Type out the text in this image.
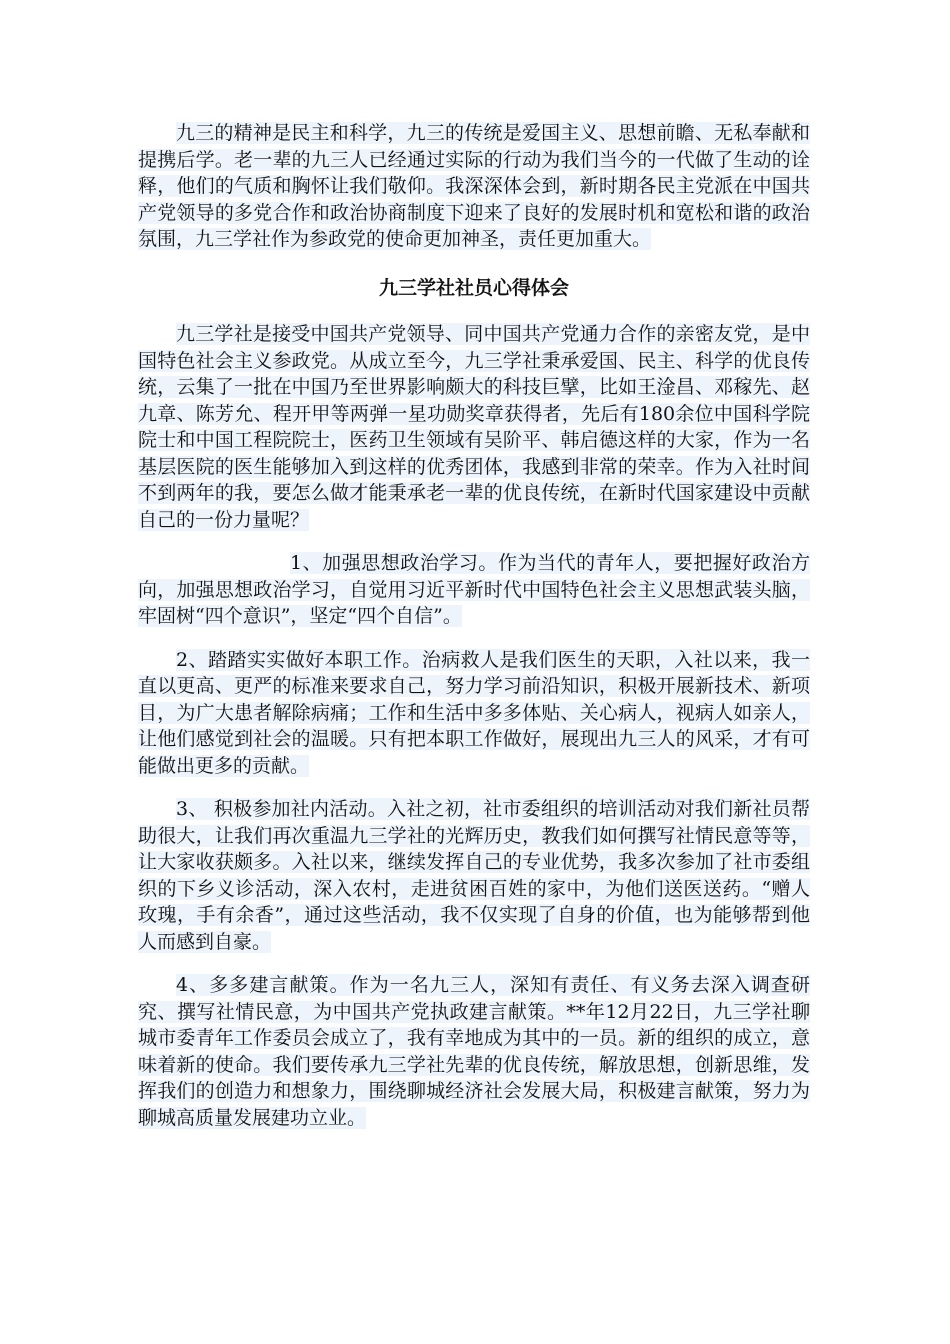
九三的精神是民主和科学，九三的传统是爱国主义、思想前瞻、无私奉献和提携后学。老一辈的九三人已经通过实际的行动为我们当今的一代做了生动的诠释，他们的气质和胸怀让我们敬仰。我深深体会到，新时期各民主党派在中国共产党领导的多党合作和政治协商制度下迎来了良好的发展时机和宽松和谐的政治氛围，九三学社作为参政党的使命更加神圣，责任更加重大。

九三学社社员心得体会

九三学社是接受中国共产党领导、同中国共产党通力合作的亲密友党，是中国特色社会主义参政党。从成立至今，九三学社秉承爱国、民主、科学的优良传统，云集了一批在中国乃至世界影响颇大的科技巨擘，比如王淦昌、邓稼先、赵九章、陈芳允、程开甲等两弹一星功勋奖章获得者，先后有180余位中国科学院院士和中国工程院院士，医药卫生领域有吴阶平、韩启德这样的大家，作为一名基层医院的医生能够加入到这样的优秀团体，我感到非常的荣幸。作为入社时间不到两年的我，要怎么做才能秉承老一辈的优良传统，在新时代国家建设中贡献自己的一份力量呢？

1、加强思想政治学习。作为当代的青年人，要把握好政治方向，加强思想政治学习，自觉用习近平新时代中国特色社会主义思想武装头脑，牢固树“四个意识”，坚定“四个自信”。

2、踏踏实实做好本职工作。治病救人是我们医生的天职，入社以来，我一直以更高、更严的标准来要求自己，努力学习前沿知识，积极开展新技术、新项目，为广大患者解除病痛；工作和生活中多多体贴、关心病人，视病人如亲人，让他们感觉到社会的温暖。只有把本职工作做好，展现出九三人的风采，才有可能做出更多的贡献。

3、 积极参加社内活动。入社之初，社市委组织的培训活动对我们新社员帮助很大，让我们再次重温九三学社的光辉历史，教我们如何撰写社情民意等等，让大家收获颇多。入社以来，继续发挥自己的专业优势，我多次参加了社市委组织的下乡义诊活动，深入农村，走进贫困百姓的家中，为他们送医送药。“赠人玫瑰，手有余香”，通过这些活动，我不仅实现了自身的价值，也为能够帮到他人而感到自豪。

4、多多建言献策。作为一名九三人，深知有责任、有义务去深入调查研究、撰写社情民意，为中国共产党执政建言献策。**年12月22日，九三学社聊城市委青年工作委员会成立了，我有幸地成为其中的一员。新的组织的成立，意味着新的使命。我们要传承九三学社先辈的优良传统，解放思想，创新思维，发挥我们的创造力和想象力，围绕聊城经济社会发展大局，积极建言献策，努力为聊城高质量发展建功立业。
